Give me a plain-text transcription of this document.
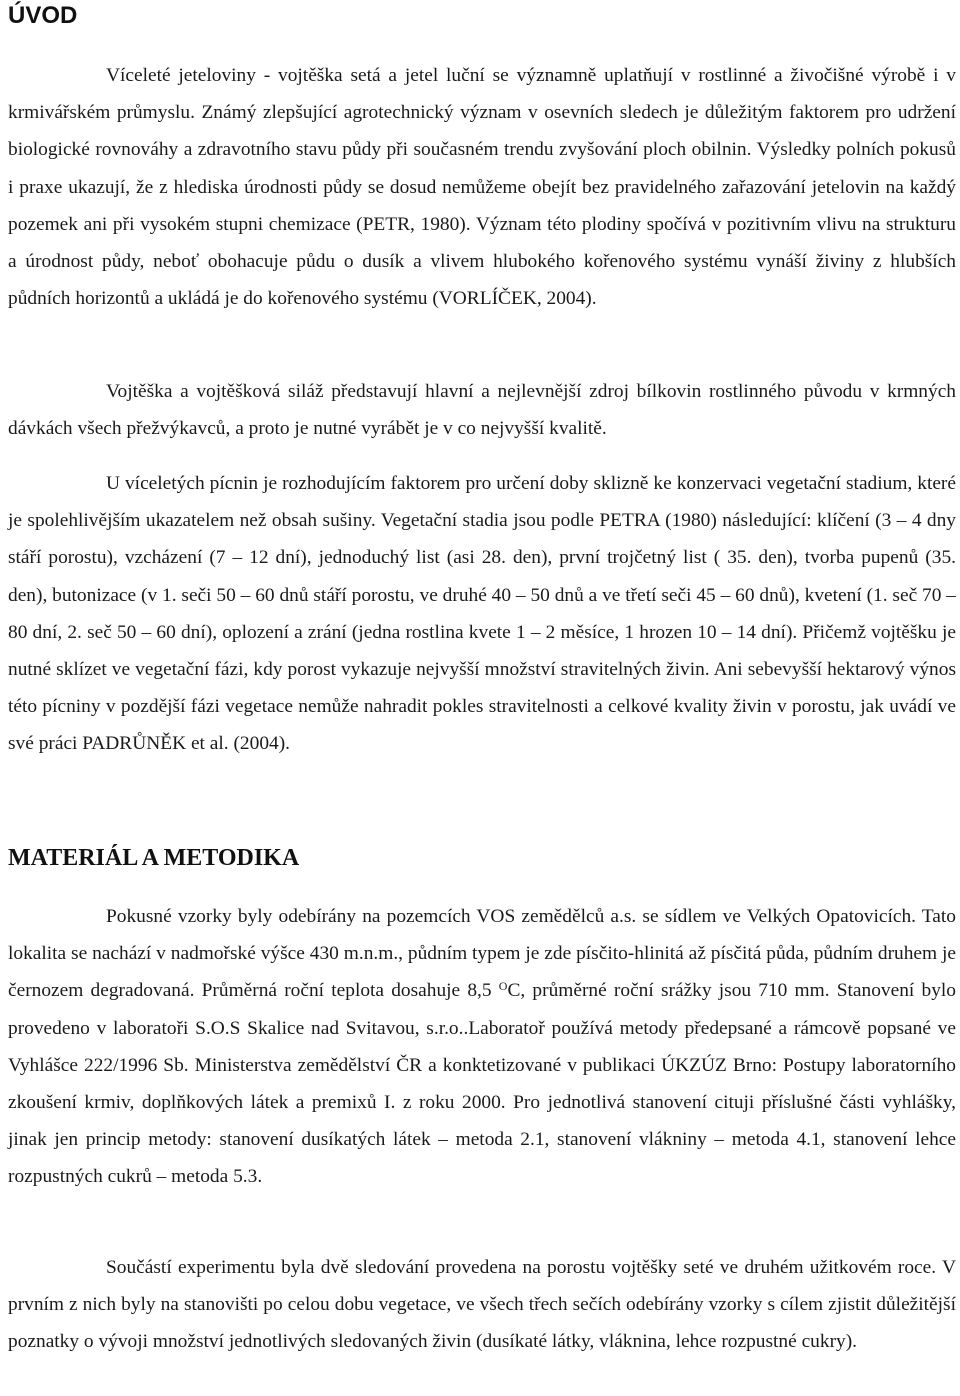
ÚVOD

Víceleté jeteloviny - vojtěška setá a jetel luční se významně uplatňují v rostlinné a živočišné výrobě i v krmivářském průmyslu. Známý zlepšující agrotechnický význam v osevních sledech je důležitým faktorem pro udržení biologické rovnováhy a zdravotního stavu půdy při současném trendu zvyšování ploch obilnin. Výsledky polních pokusů i praxe ukazují, že z hlediska úrodnosti půdy se dosud nemůžeme obejít bez pravidelného zařazování jetelovin na každý pozemek ani při vysokém stupni chemizace (PETR, 1980). Význam této plodiny spočívá v pozitivním vlivu na strukturu a úrodnost půdy, neboť obohacuje půdu o dusík a vlivem hlubokého kořenového systému vynáší živiny z hlubších půdních horizontů a ukládá je do kořenového systému (VORLÍČEK, 2004).

Vojtěška a vojtěšková siláž představují hlavní a nejlevnější zdroj bílkovin rostlinného původu v krmných dávkách všech přežvýkavců, a proto je nutné vyrábět je v co nejvyšší kvalitě.

U víceletých pícnin je rozhodujícím faktorem pro určení doby sklizně ke konzervaci vegetační stadium, které je spolehlivějším ukazatelem než obsah sušiny. Vegetační stadia jsou podle PETRA (1980) následující: klíčení (3 – 4 dny stáří porostu), vzcházení (7 – 12 dní), jednoduchý list (asi 28. den), první trojčetný list ( 35. den), tvorba pupenů (35. den), butonizace (v 1. seči 50 – 60 dnů stáří porostu, ve druhé 40 – 50 dnů a ve třetí seči 45 – 60 dnů), kvetení (1. seč 70 – 80 dní, 2. seč 50 – 60 dní), oplození a zrání (jedna rostlina kvete 1 – 2 měsíce, 1 hrozen 10 – 14 dní). Přičemž vojtěšku je nutné sklízet ve vegetační fázi, kdy porost vykazuje nejvyšší množství stravitelných živin. Ani sebevyšší hektarový výnos této pícniny v pozdější fázi vegetace nemůže nahradit pokles stravitelnosti a celkové kvality živin v porostu, jak uvádí ve své práci PADRŮNĚK et al. (2004).

MATERIÁL A METODIKA

Pokusné vzorky byly odebírány na pozemcích VOS zemědělců a.s. se sídlem ve Velkých Opatovicích. Tato lokalita se nachází v nadmořské výšce 430 m.n.m., půdním typem je zde písčito-hlinitá až písčitá půda, půdním druhem je černozem degradovaná. Průměrná roční teplota dosahuje 8,5 $^O$C, průměrné roční srážky jsou 710 mm. Stanovení bylo provedeno v laboratoři S.O.S Skalice nad Svitavou, s.r.o..Laboratoř používá metody předepsané a rámcově popsané ve Vyhlášce 222/1996 Sb. Ministerstva zemědělství ČR a konktetizované v publikaci ÚKZÚZ Brno: Postupy laboratorního zkoušení krmiv, doplňkových látek a premixů I. z roku 2000. Pro jednotlivá stanovení cituji příslušné části vyhlášky, jinak jen princip metody: stanovení dusíkatých látek – metoda 2.1, stanovení vlákniny – metoda 4.1, stanovení lehce rozpustných cukrů – metoda 5.3.

Součástí experimentu byla dvě sledování provedena na porostu vojtěšky seté ve druhém užitkovém roce. V prvním z nich byly na stanovišti po celou dobu vegetace, ve všech třech sečích odebírány vzorky s cílem zjistit důležitější poznatky o vývoji množství jednotlivých sledovaných živin (dusíkaté látky, vláknina, lehce rozpustné cukry).
